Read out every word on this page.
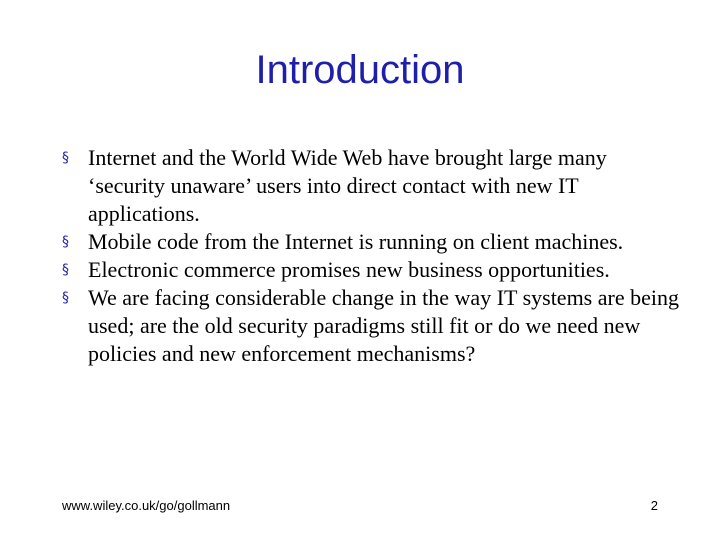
Introduction
§ Internet and the World Wide Web have brought large many ‘security unaware’ users into direct contact with new IT applications.
§ Mobile code from the Internet is running on client machines.
§ Electronic commerce promises new business opportunities.
§ We are facing considerable change in the way IT systems are being used; are the old security paradigms still fit or do we need new policies and new enforcement mechanisms?
www.wiley.co.uk/go/gollmann	2
